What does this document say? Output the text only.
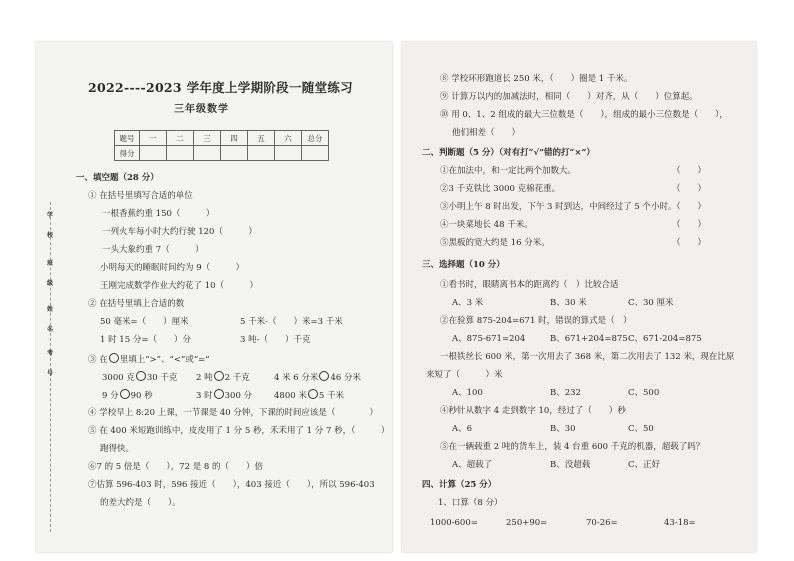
2022----2023 学年度上学期阶段一随堂练习
三年级数学
题号	一	二	三	四	五	六	总分
得分							
学
校
班
级
姓
名
考
号
一、填空题（28 分）
① 在括号里填写合适的单位
一根香蕉约重 150（　　　）
一列火车每小时大约行驶 120（　　　）
一头大象约重 7（　　　）
小明每天的睡眠时间约为 9（　　　）
王刚完成数学作业大约花了 10（　　　）
② 在括号里填上合适的数
50 毫米=（　　）厘米	5 千米-（　　）米=3 千米
1 时 15 分=（　　）分	3 吨-（　　）千克
③ 在 里填上“>”、“<”或“=”
3000 克 30 千克 2 吨 2 千克	4 米 6 分米 46 分米
9 分 90 秒	3 时 300 分	4800 米 5 千米
④ 学校早上 8:20 上课，一节课是 40 分钟，下课的时间应该是（　　　　）
⑤ 在 400 米短跑训练中，皮皮用了 1 分 5 秒，禾禾用了 1 分 7 秒，（　　　）
跑得快。
⑥7 的 5 倍是（　　），72 是 8 的（　　）倍
⑦估算 596-403 时，596 接近（　　），403 接近（　　），所以 596-403
的差大约是（　　）。
⑧ 学校环形跑道长 250 米，（　　）圈是 1 千米。
⑨ 计算万以内的加减法时，相同（　　）对齐，从（　　）位算起。
⑩ 用 0、1、2 组成的最大三位数是（　　），组成的最小三位数是（　　），
他们相差（　　）
二、判断题（5 分）（对有打“√”错的打“×”）
①在加法中，和一定比两个加数大。	（　　）
②3 千克铁比 3000 克棉花重。	（　　）
③小明上午 8 时出发，下午 3 时到达，中间经过了 5 个小时。
（　　）
④一块菜地长 48 千米。	（　　）
⑤黑板的宽大约是 16 分米。	（　　）
三、选择题（10 分）
①看书时，眼睛离书本的距离约（　）比较合适
A、3 米	B、30 米	C、30 厘米
②在验算 875-204=671 时，错误的算式是（　）
A、875-671=204	B、671+204=875 C、671-204=875
一根铁丝长 600 米，第一次用去了 368 米，第二次用去了 132 米，现在比原
来短了（　　　）米
A、100	B、232	C、500
④秒针从数字 4 走到数字 10，经过了（　　）秒
A、6	B、30	C、50
⑤在一辆载重 2 吨的货车上，装 4 台重 600 千克的机器，超载了吗？
A、超载了	B、没超载	C、正好
四、计算（25 分）
1、口算（8 分）
1000-600=	250+90=	70-26=	43-18=
